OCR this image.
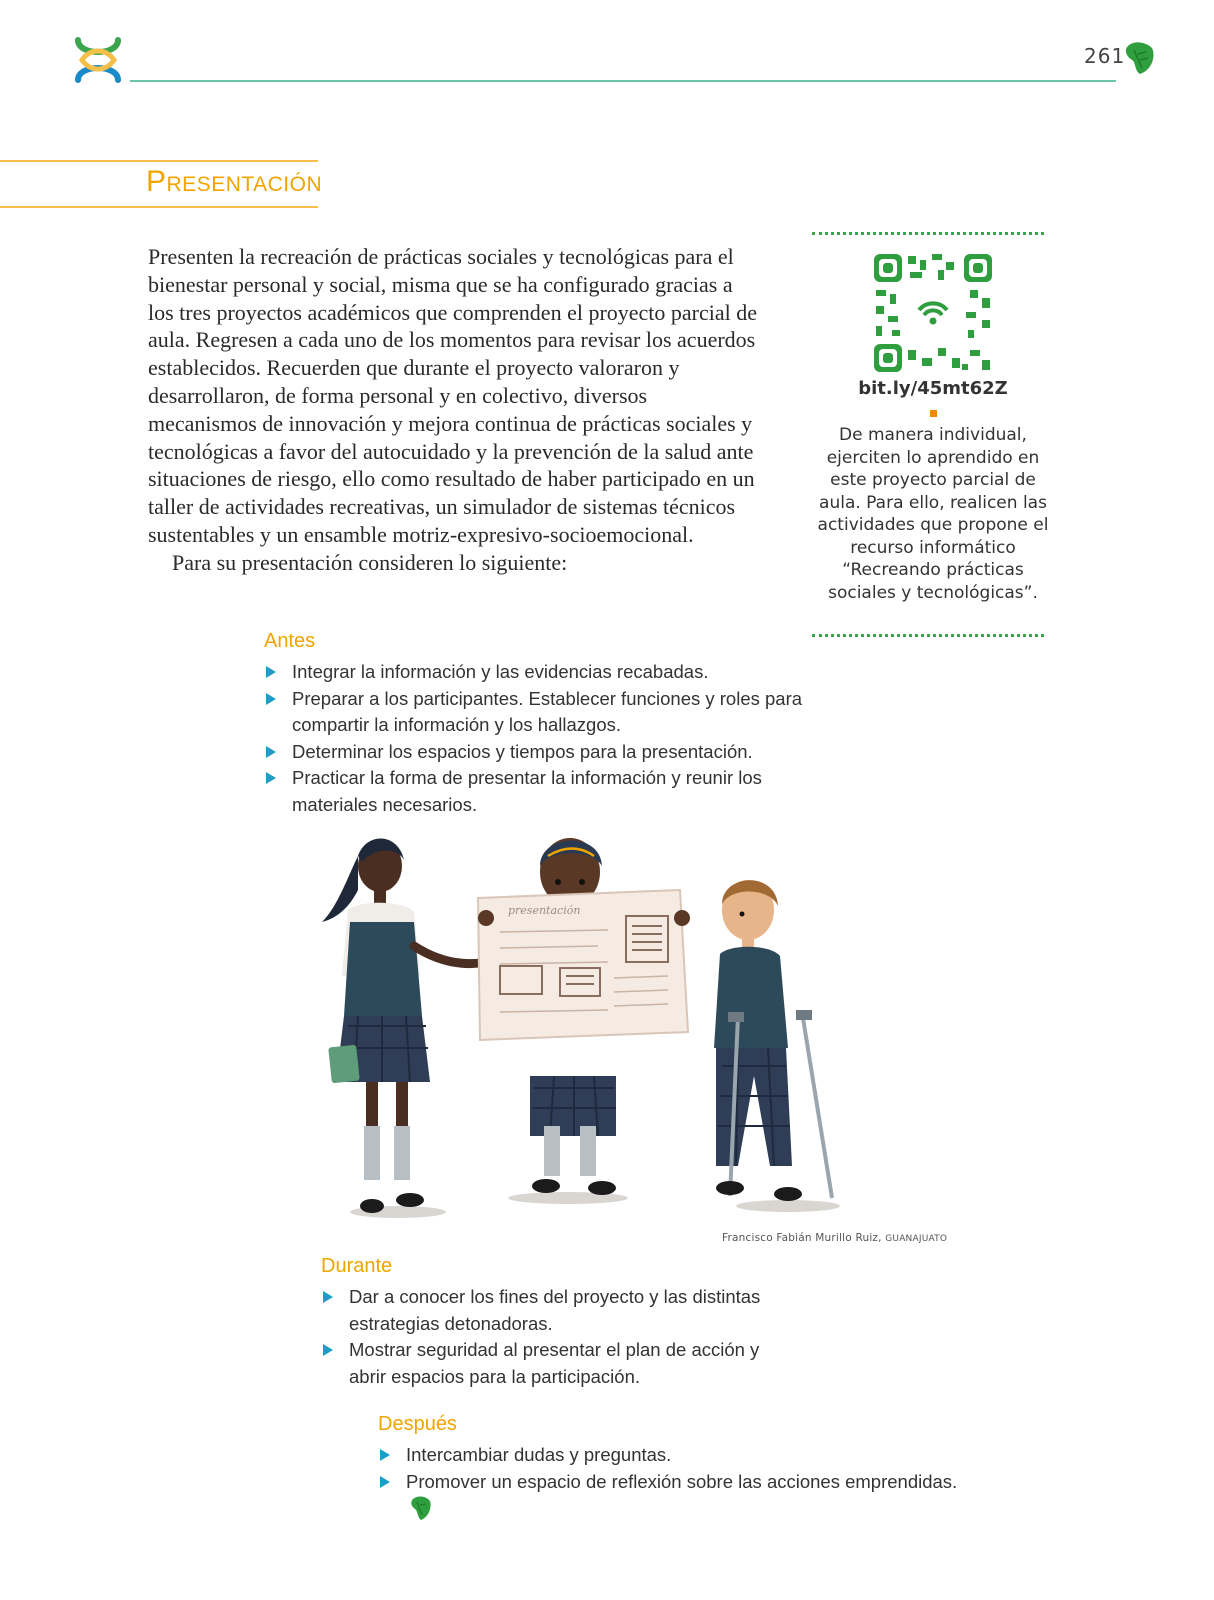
261
Presentación

Presenten la recreación de prácticas sociales y tecnológicas para el bienestar personal y social, misma que se ha configurado gracias a los tres proyectos académicos que comprenden el proyecto parcial de aula. Regresen a cada uno de los momentos para revisar los acuerdos establecidos. Recuerden que durante el proyecto valoraron y desarrollaron, de forma personal y en colectivo, diversos mecanismos de innovación y mejora continua de prácticas sociales y tecnológicas a favor del autocuidado y la prevención de la salud ante situaciones de riesgo, ello como resultado de haber participado en un taller de actividades recreativas, un simulador de sistemas técnicos sustentables y un ensamble motriz-expresivo-socioemocional.

Para su presentación consideren lo siguiente:

bit.ly/45mt62Z
De manera individual, ejerciten lo aprendido en este proyecto parcial de aula. Para ello, realicen las actividades que propone el recurso informático “Recreando prácticas sociales y tecnológicas”.
Antes
Integrar la información y las evidencias recabadas.
Preparar a los participantes. Establecer funciones y roles para compartir la información y los hallazgos.
Determinar los espacios y tiempos para la presentación.
Practicar la forma de presentar la información y reunir los materiales necesarios.
presentación
Francisco Fabián Murillo Ruiz, GUANAJUATO
Durante
Dar a conocer los fines del proyecto y las distintas estrategias detonadoras.
Mostrar seguridad al presentar el plan de acción y abrir espacios para la participación.
Después
Intercambiar dudas y preguntas.
Promover un espacio de reflexión sobre las acciones emprendidas.
